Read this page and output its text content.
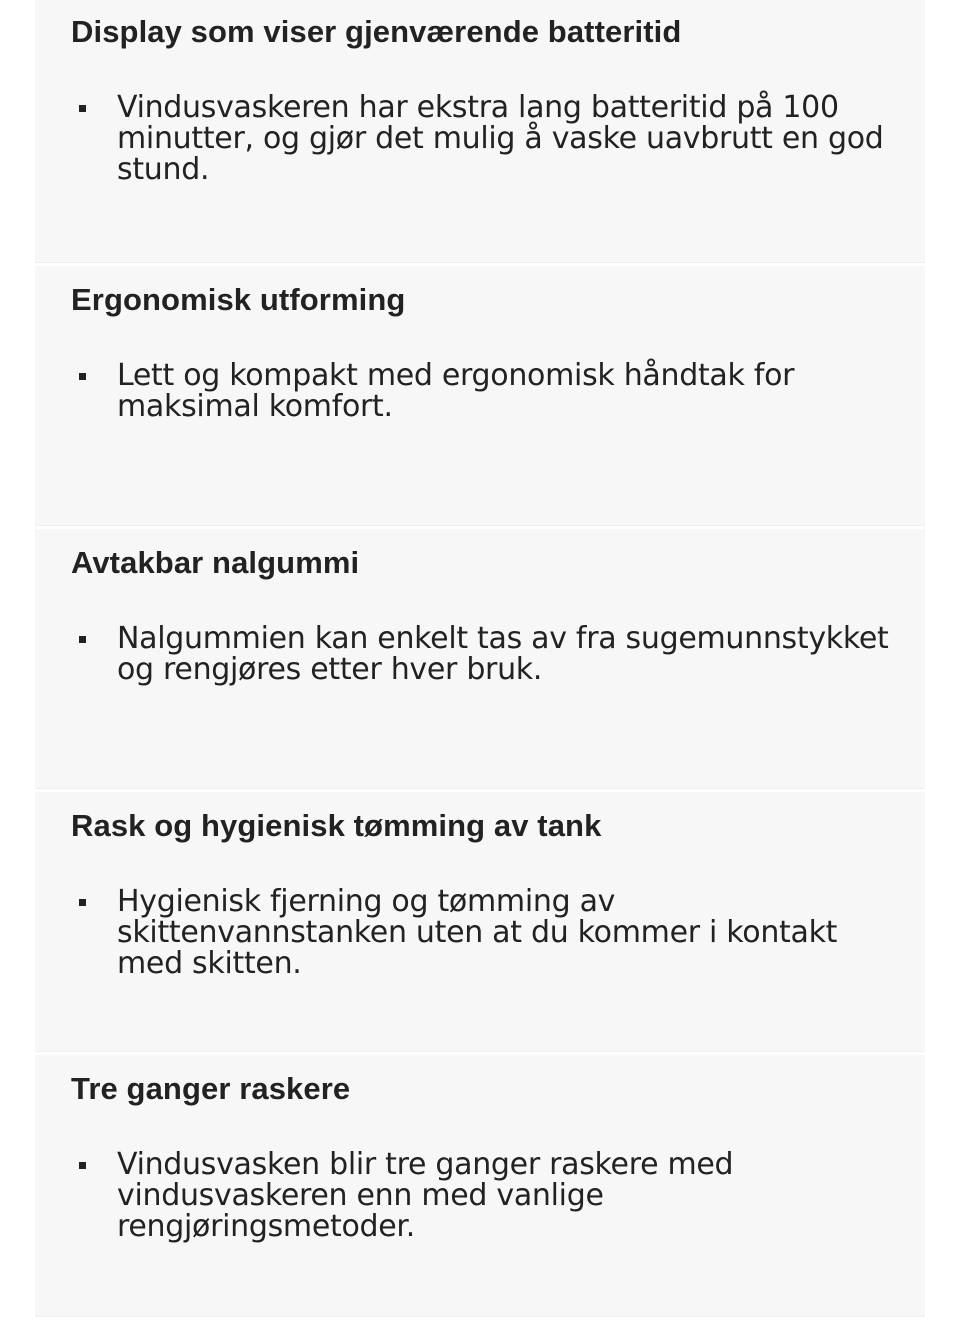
Display som viser gjenværende batteritid
Vindusvaskeren har ekstra lang batteritid på 100 minutter, og gjør det mulig å vaske uavbrutt en god stund.
Ergonomisk utforming
Lett og kompakt med ergonomisk håndtak for maksimal komfort.
Avtakbar nalgummi
Nalgummien kan enkelt tas av fra sugemunnstykket og rengjøres etter hver bruk.
Rask og hygienisk tømming av tank
Hygienisk fjerning og tømming av skittenvannstanken uten at du kommer i kontakt med skitten.
Tre ganger raskere
Vindusvasken blir tre ganger raskere med vindusvaskeren enn med vanlige rengjøringsmetoder.
